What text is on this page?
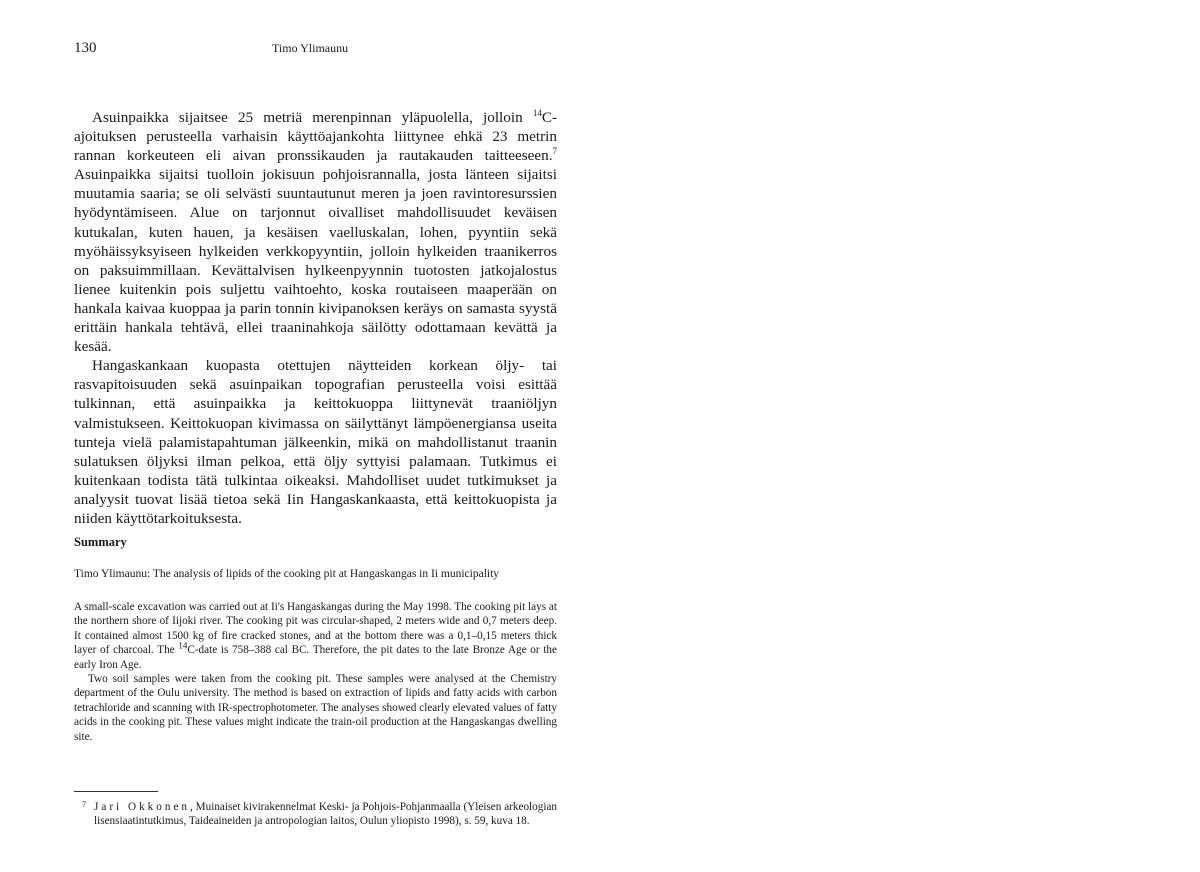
130	Timo Ylimaunu

Asuinpaikka sijaitsee 25 metriä merenpinnan yläpuolella, jolloin $^{14}$C-ajoituksen perusteella varhaisin käyttöajankohta liittynee ehkä 23 metrin rannan korkeuteen eli aivan pronssikauden ja rautakauden taitteeseen.$^7$ Asuinpaikka sijaitsi tuolloin jokisuun pohjoisrannalla, josta länteen sijaitsi muutamia saaria; se oli selvästi suuntautunut meren ja joen ravintoresurssien hyödyntämiseen. Alue on tarjonnut oivalliset mahdollisuudet keväisen kutukalan, kuten hauen, ja kesäisen vaelluskalan, lohen, pyyntiin sekä myöhäissyksyiseen hylkeiden verkkopyyntiin, jolloin hylkeiden traanikerros on paksuimmillaan. Kevättalvisen hylkeenpyynnin tuotosten jatkojalostus lienee kuitenkin pois suljettu vaihtoehto, koska routaiseen maaperään on hankala kaivaa kuoppaa ja parin tonnin kivipanoksen keräys on samasta syystä erittäin hankala tehtävä, ellei traaninahkoja säilötty odottamaan kevättä ja kesää.

Hangaskankaan kuopasta otettujen näytteiden korkean öljy- tai rasvapitoisuuden sekä asuinpaikan topografian perusteella voisi esittää tulkinnan, että asuinpaikka ja keittokuoppa liittynevät traaniöljyn valmistukseen. Keittokuopan kivimassa on säilyttänyt lämpöenergiansa useita tunteja vielä palamistapahtuman jälkeenkin, mikä on mahdollistanut traanin sulatuksen öljyksi ilman pelkoa, että öljy syttyisi palamaan. Tutkimus ei kuitenkaan todista tätä tulkintaa oikeaksi. Mahdolliset uudet tutkimukset ja analyysit tuovat lisää tietoa sekä Iin Hangaskankaasta, että keittokuopista ja niiden käyttötarkoituksesta.

Summary

Timo Ylimaunu: The analysis of lipids of the cooking pit at Hangaskangas in Ii municipality

A small-scale excavation was carried out at Ii's Hangaskangas during the May 1998. The cooking pit lays at the northern shore of Iijoki river. The cooking pit was circular-shaped, 2 meters wide and 0,7 meters deep. It contained almost 1500 kg of fire cracked stones, and at the bottom there was a 0,1–0,15 meters thick layer of charcoal. The $^{14}$C-date is 758–388 cal BC. Therefore, the pit dates to the late Bronze Age or the early Iron Age.

Two soil samples were taken from the cooking pit. These samples were analysed at the Chemistry department of the Oulu university. The method is based on extraction of lipids and fatty acids with carbon tetrachloride and scanning with IR-spectrophotometer. The analyses showed clearly elevated values of fatty acids in the cooking pit. These values might indicate the train-oil production at the Hangaskangas dwelling site.

7 Jari Okkonen, Muinaiset kivirakennelmat Keski- ja Pohjois-Pohjanmaalla (Yleisen arkeologian lisensiaatintutkimus, Taideaineiden ja antropologian laitos, Oulun yliopisto 1998), s. 59, kuva 18.
